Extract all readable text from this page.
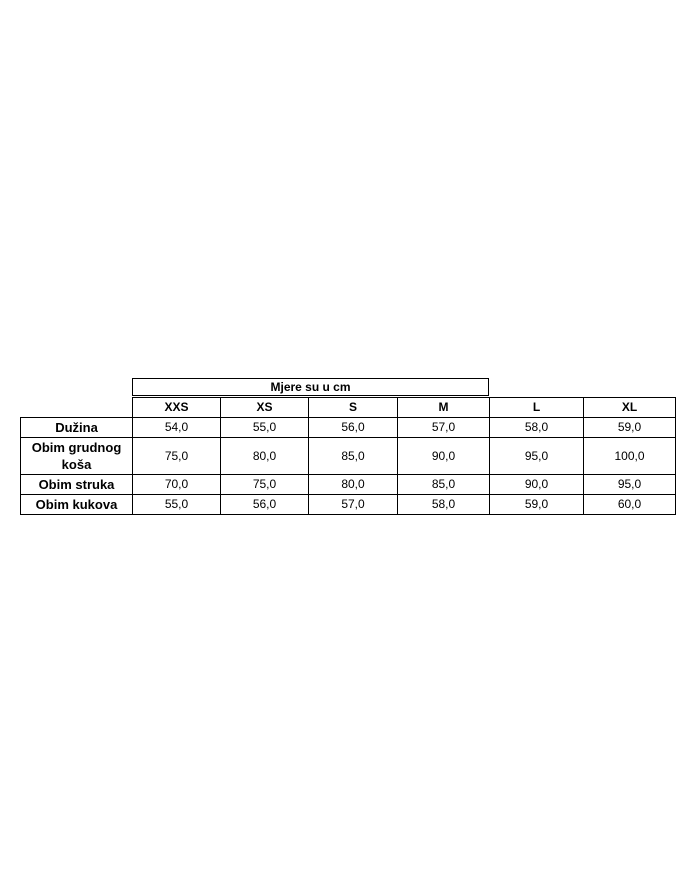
Mjere su u cm
	XXS	XS	S	M	L	XL
Dužina	54,0	55,0	56,0	57,0	58,0	59,0
Obim grudnog koša	75,0	80,0	85,0	90,0	95,0	100,0
Obim struka	70,0	75,0	80,0	85,0	90,0	95,0
Obim kukova	55,0	56,0	57,0	58,0	59,0	60,0
